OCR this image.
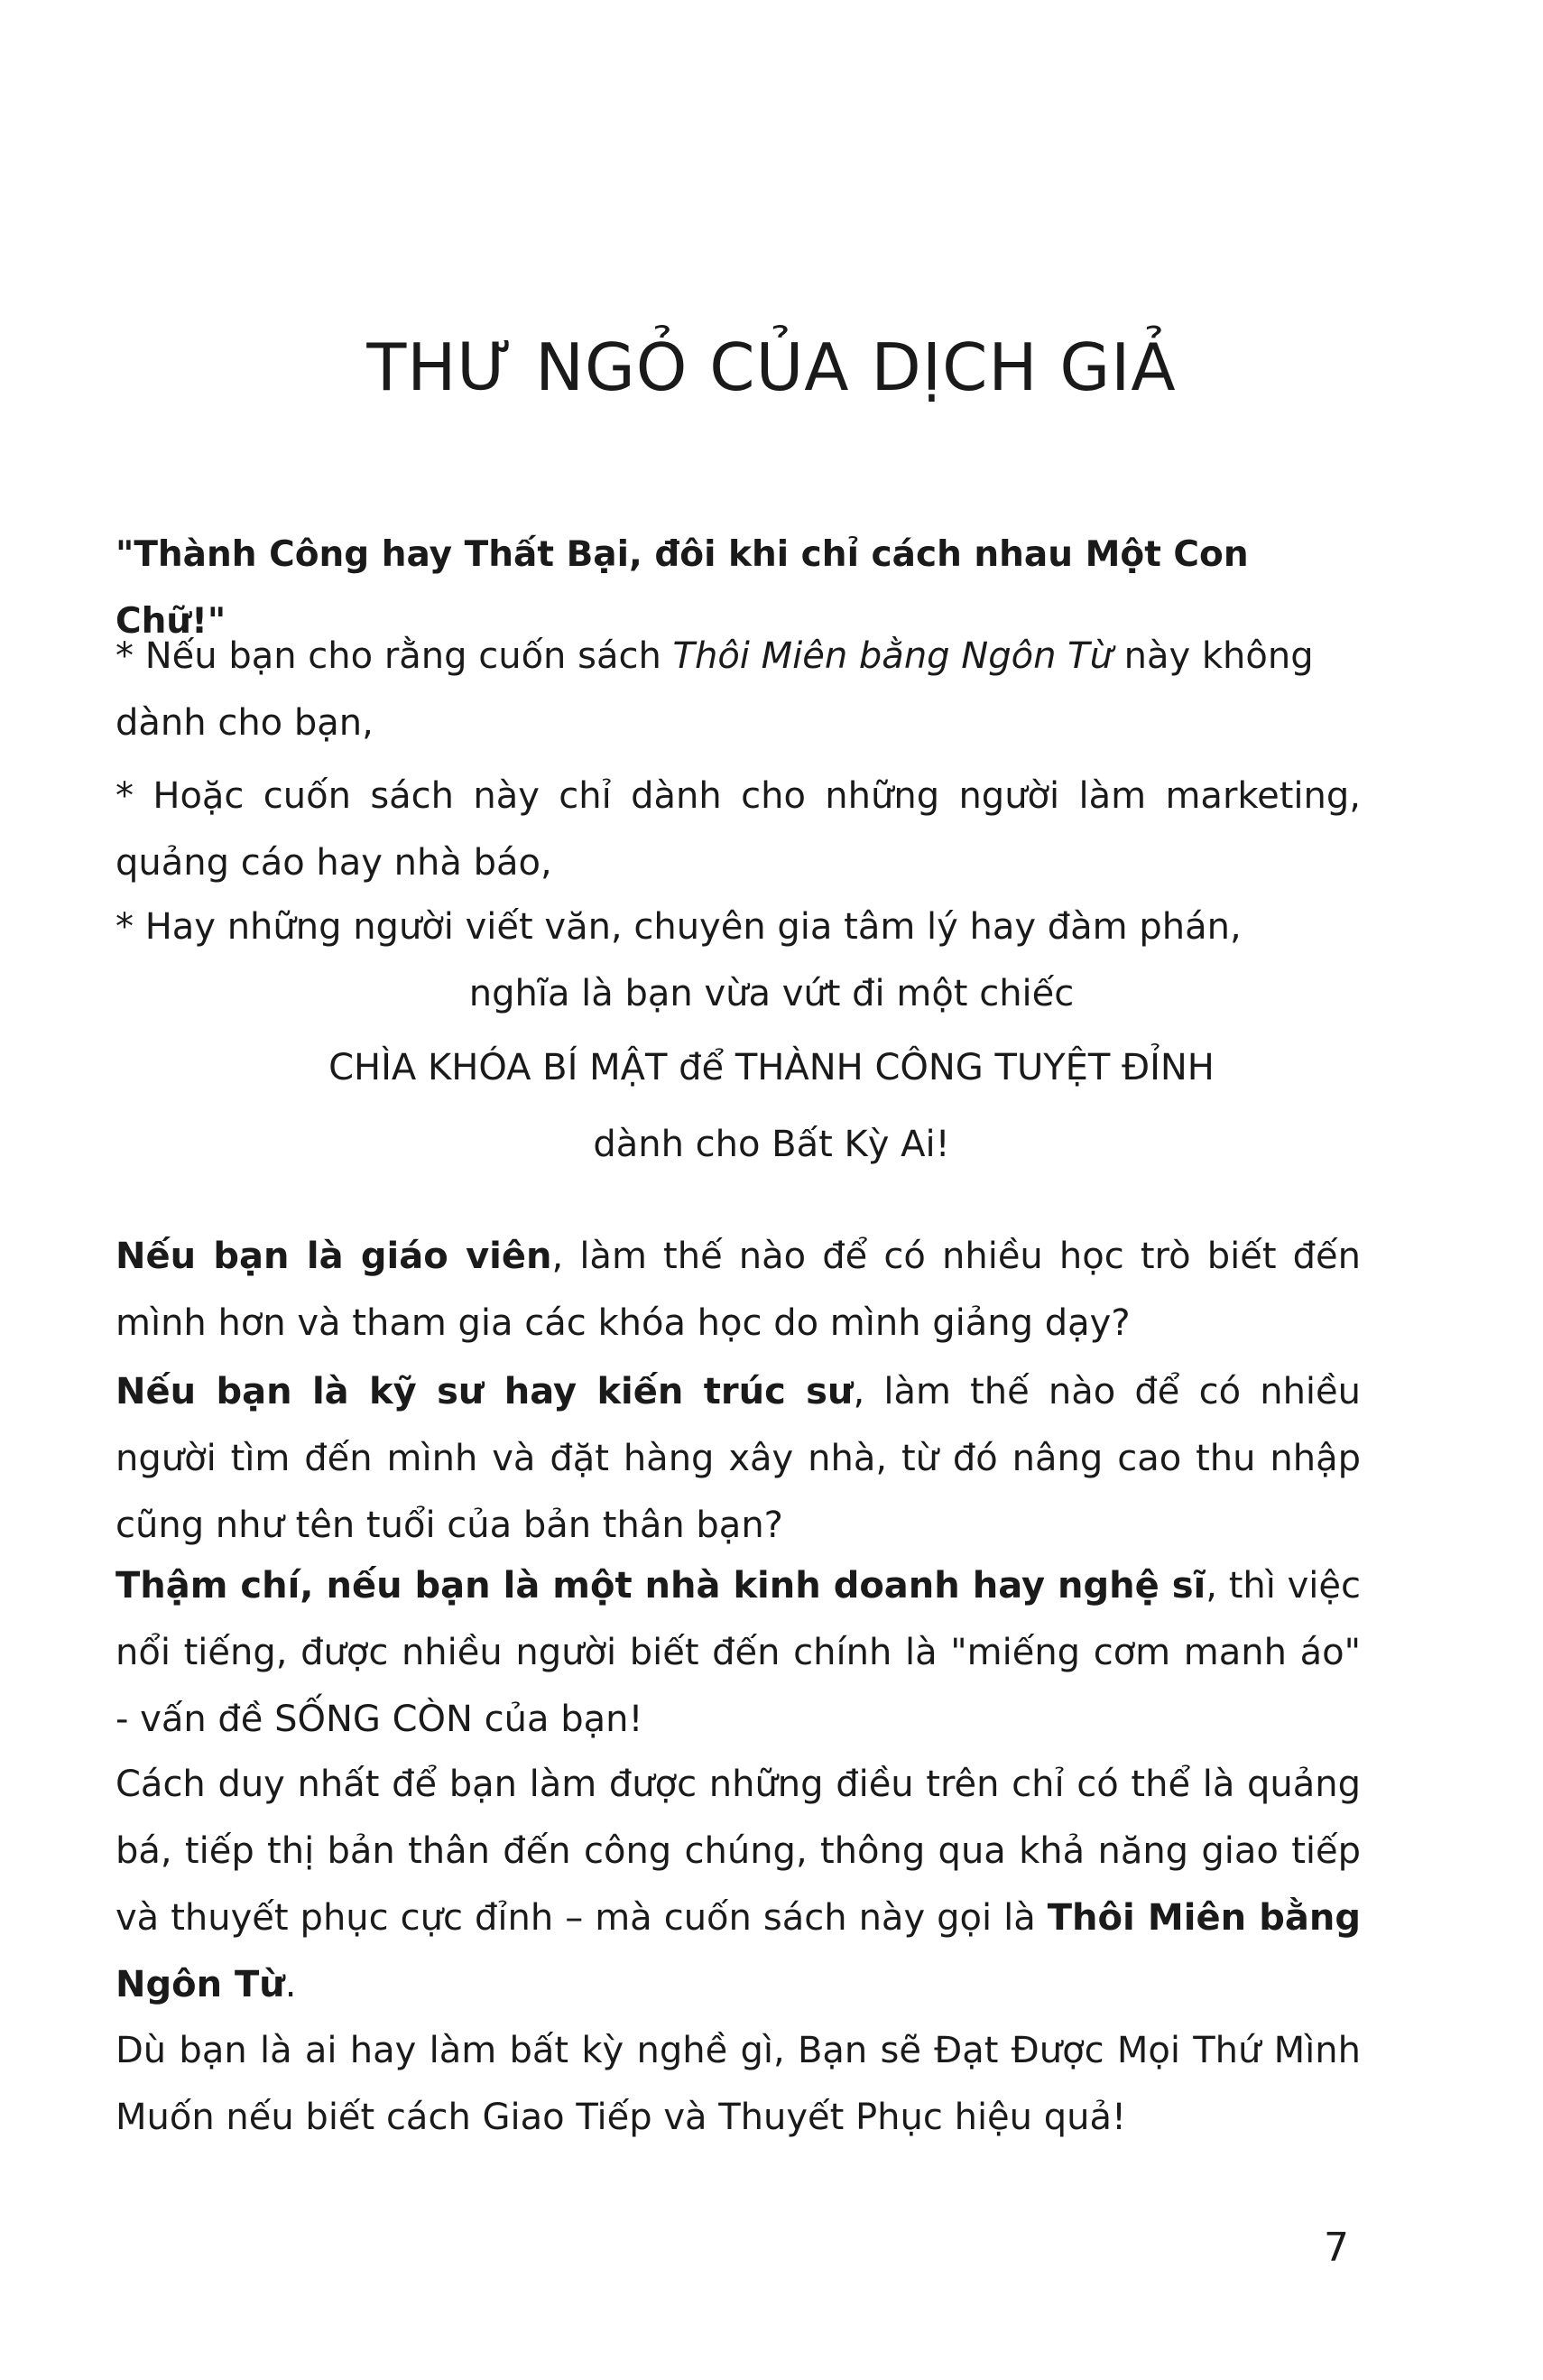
THƯ NGỎ CỦA DỊCH GIẢ
"Thành Công hay Thất Bại, đôi khi chỉ cách nhau Một Con Chữ!"
* Nếu bạn cho rằng cuốn sách Thôi Miên bằng Ngôn Từ này không dành cho bạn,
* Hoặc cuốn sách này chỉ dành cho những người làm marketing, quảng cáo hay nhà báo,
* Hay những người viết văn, chuyên gia tâm lý hay đàm phán,
nghĩa là bạn vừa vứt đi một chiếc
CHÌA KHÓA BÍ MẬT để THÀNH CÔNG TUYỆT ĐỈNH
dành cho Bất Kỳ Ai!
Nếu bạn là giáo viên, làm thế nào để có nhiều học trò biết đến mình hơn và tham gia các khóa học do mình giảng dạy?
Nếu bạn là kỹ sư hay kiến trúc sư, làm thế nào để có nhiều người tìm đến mình và đặt hàng xây nhà, từ đó nâng cao thu nhập cũng như tên tuổi của bản thân bạn?
Thậm chí, nếu bạn là một nhà kinh doanh hay nghệ sĩ, thì việc nổi tiếng, được nhiều người biết đến chính là "miếng cơm manh áo" - vấn đề SỐNG CÒN của bạn!
Cách duy nhất để bạn làm được những điều trên chỉ có thể là quảng bá, tiếp thị bản thân đến công chúng, thông qua khả năng giao tiếp và thuyết phục cực đỉnh – mà cuốn sách này gọi là Thôi Miên bằng Ngôn Từ.
Dù bạn là ai hay làm bất kỳ nghề gì, Bạn sẽ Đạt Được Mọi Thứ Mình Muốn nếu biết cách Giao Tiếp và Thuyết Phục hiệu quả!
7
